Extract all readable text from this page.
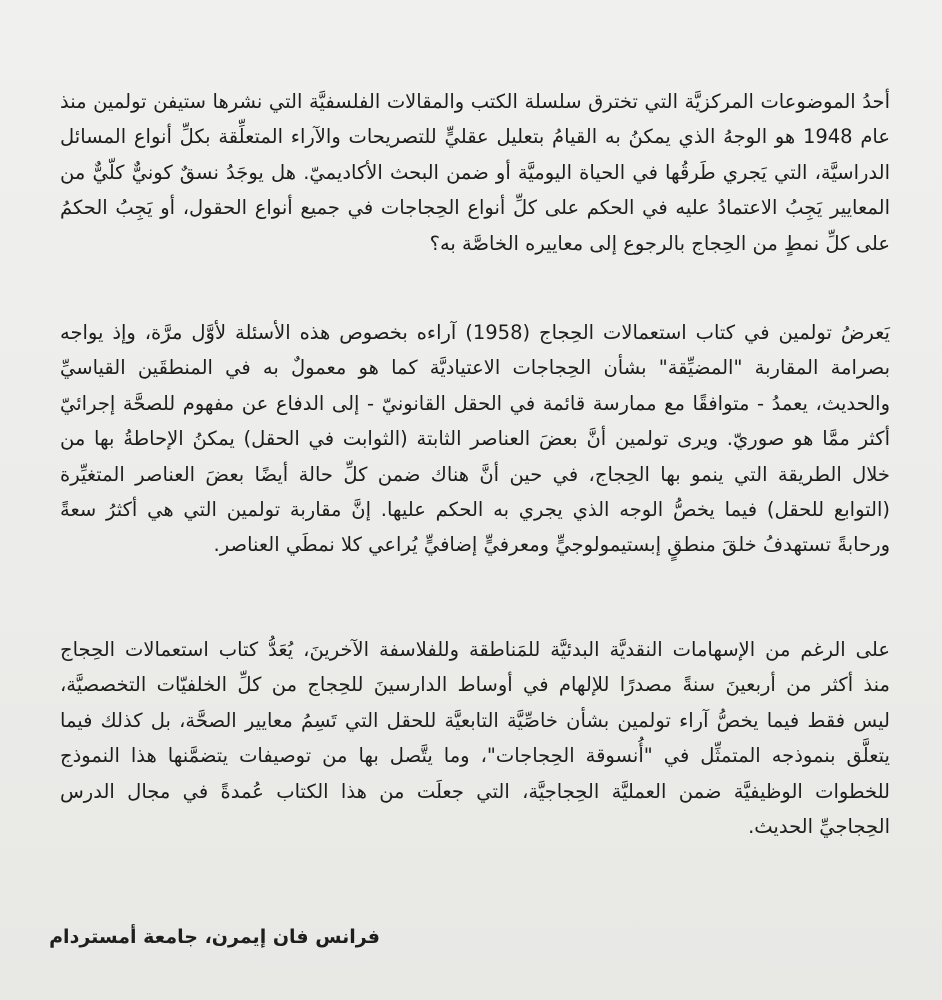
أحدُ الموضوعات المركزيَّة التي تخترق سلسلة الكتب والمقالات الفلسفيَّة التي نشرها ستيفن تولمين منذ
عام 1948 هو الوجهُ الذي يمكنُ به القيامُ بتعليل عقليٍّ للتصريحات والآراء المتعلِّقة بكلِّ أنواع المسائل
الدراسيَّة، التي يَجري طَرقُها في الحياة اليوميَّة أو ضمن البحث الأكاديميّ. هل يوجَدُ نسقٌ كونيٌّ كلّيٌّ من
المعايير يَجِبُ الاعتمادُ عليه في الحكم على كلِّ أنواع الحِجاجات في جميع أنواع الحقول، أو يَجِبُ الحكمُ
على كلِّ نمطٍ من الحِجاج بالرجوع إلى معاييره الخاصَّة به؟
يَعرضُ تولمين في كتاب استعمالات الحِجاج (1958) آراءه بخصوص هذه الأسئلة لأوَّل مرَّة، وإذ يواجه
بصرامة المقاربة "المضيِّقة" بشأن الحِجاجات الاعتياديَّة كما هو معمولٌ به في المنطقَين القياسيِّ
والحديث، يعمدُ - متوافقًا مع ممارسة قائمة في الحقل القانونيّ - إلى الدفاع عن مفهوم للصحَّة إجرائيّ
أكثر ممَّا هو صوريّ. ويرى تولمين أنَّ بعضَ العناصر الثابتة (الثوابت في الحقل) يمكنُ الإحاطةُ بها من
خلال الطريقة التي ينمو بها الحِجاج، في حين أنَّ هناك ضمن كلِّ حالة أيضًا بعضَ العناصر المتغيِّرة
(التوابع للحقل) فيما يخصُّ الوجه الذي يجري به الحكم عليها. إنَّ مقاربة تولمين التي هي أكثرُ سعةً
ورحابةً تستهدفُ خلقَ منطقٍ إبستيمولوجيٍّ ومعرفيٍّ إضافيٍّ يُراعي كلا نمطَي العناصر.
على الرغم من الإسهامات النقديَّة البدئيَّة للمَناطقة وللفلاسفة الآخرينَ، يُعَدُّ كتاب استعمالات الحِجاج
منذ أكثر من أربعينَ سنةً مصدرًا للإلهام في أوساط الدارسينَ للحِجاج من كلِّ الخلفيّات التخصصيَّة،
ليس فقط فيما يخصُّ آراء تولمين بشأن خاصِّيَّة التابعيَّة للحقل التي تَسِمُ معايير الصحَّة، بل كذلك فيما
يتعلَّق بنموذجه المتمثِّل في "أُنسوقة الحِجاجات"، وما يتَّصل بها من توصيفات يتضمَّنها هذا النموذج
للخطوات الوظيفيَّة ضمن العمليَّة الحِجاجيَّة، التي جعلَت من هذا الكتاب عُمدةً في مجال الدرس
الحِجاجيِّ الحديث.
فرانس فان إيمرن، جامعة أمستردام
